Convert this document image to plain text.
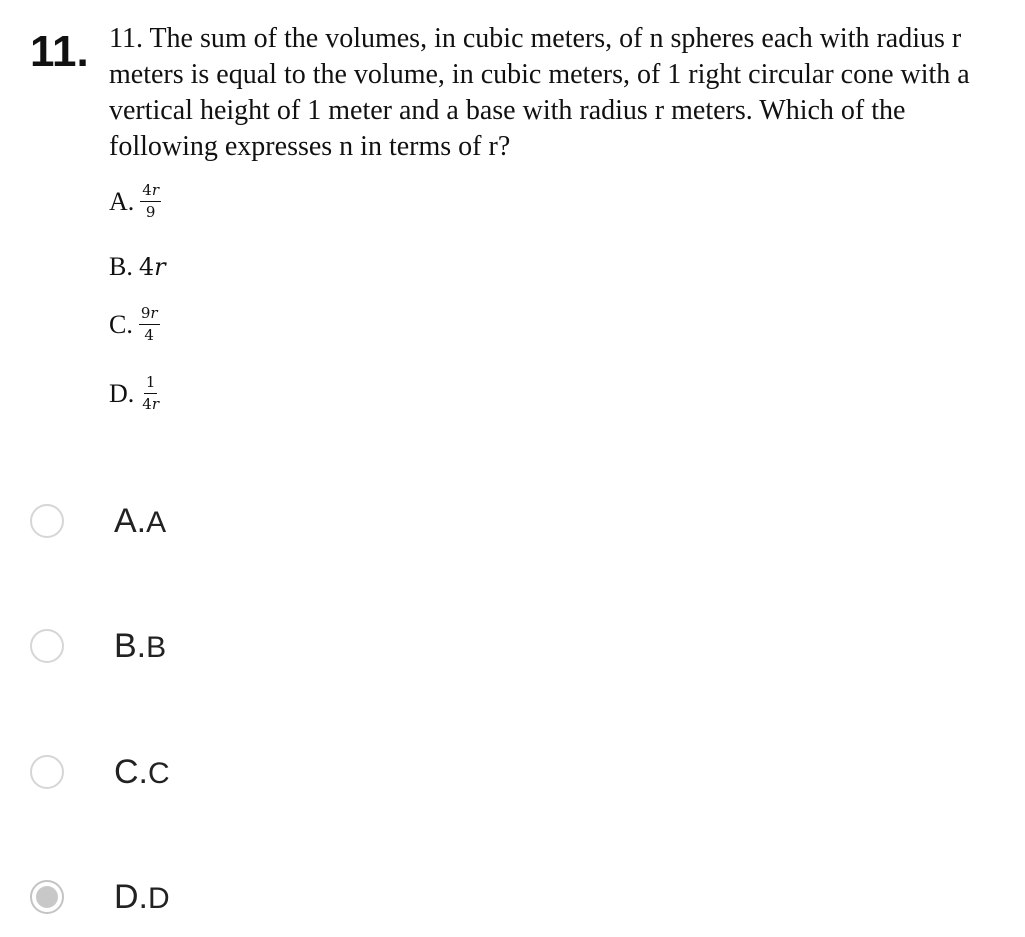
11. 11. The sum of the volumes, in cubic meters, of n spheres each with radius r meters is equal to the volume, in cubic meters, of 1 right circular cone with a vertical height of 1 meter and a base with radius r meters. Which of the following expresses n in terms of r?
A. $\frac{4r}{9}$
B. 4r
C. $\frac{9r}{4}$
D. $\frac{1}{4r}$
A.A
B.B
C.C
D.D
